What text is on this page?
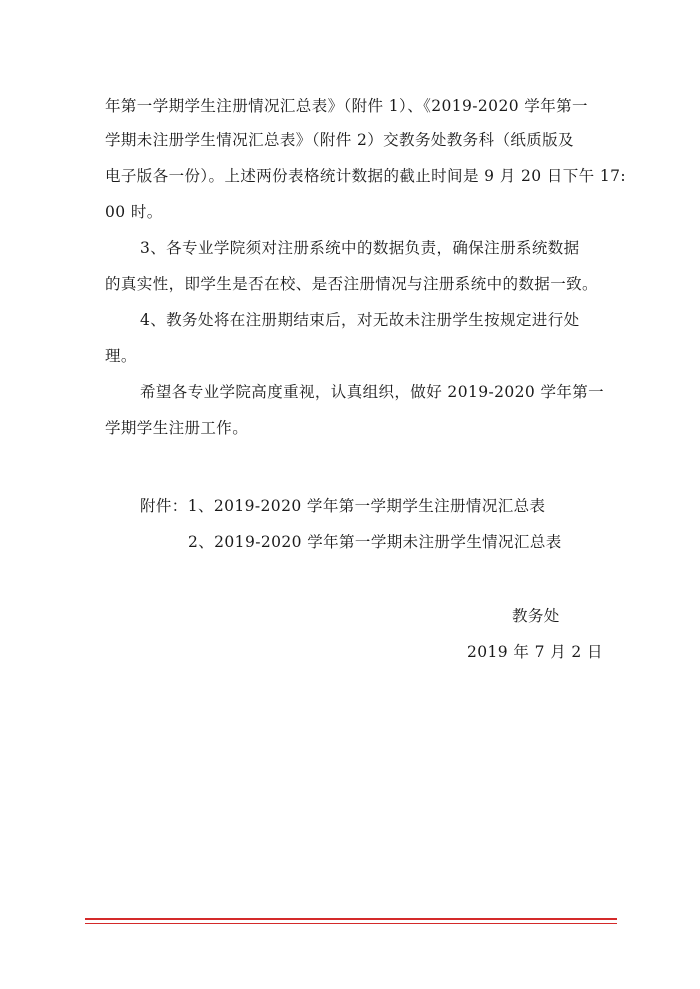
年第一学期学生注册情况汇总表》（附件 1）、《2019-2020 学年第一
学期未注册学生情况汇总表》（附件 2）交教务处教务科（纸质版及
电子版各一份）。上述两份表格统计数据的截止时间是 9 月 20 日下午 17:
00 时。
3、各专业学院须对注册系统中的数据负责，确保注册系统数据
的真实性，即学生是否在校、是否注册情况与注册系统中的数据一致。
4、教务处将在注册期结束后，对无故未注册学生按规定进行处
理。
希望各专业学院高度重视，认真组织，做好 2019-2020 学年第一
学期学生注册工作。
附件：1、2019-2020 学年第一学期学生注册情况汇总表
2、2019-2020 学年第一学期未注册学生情况汇总表
教务处
2019 年 7 月 2 日
